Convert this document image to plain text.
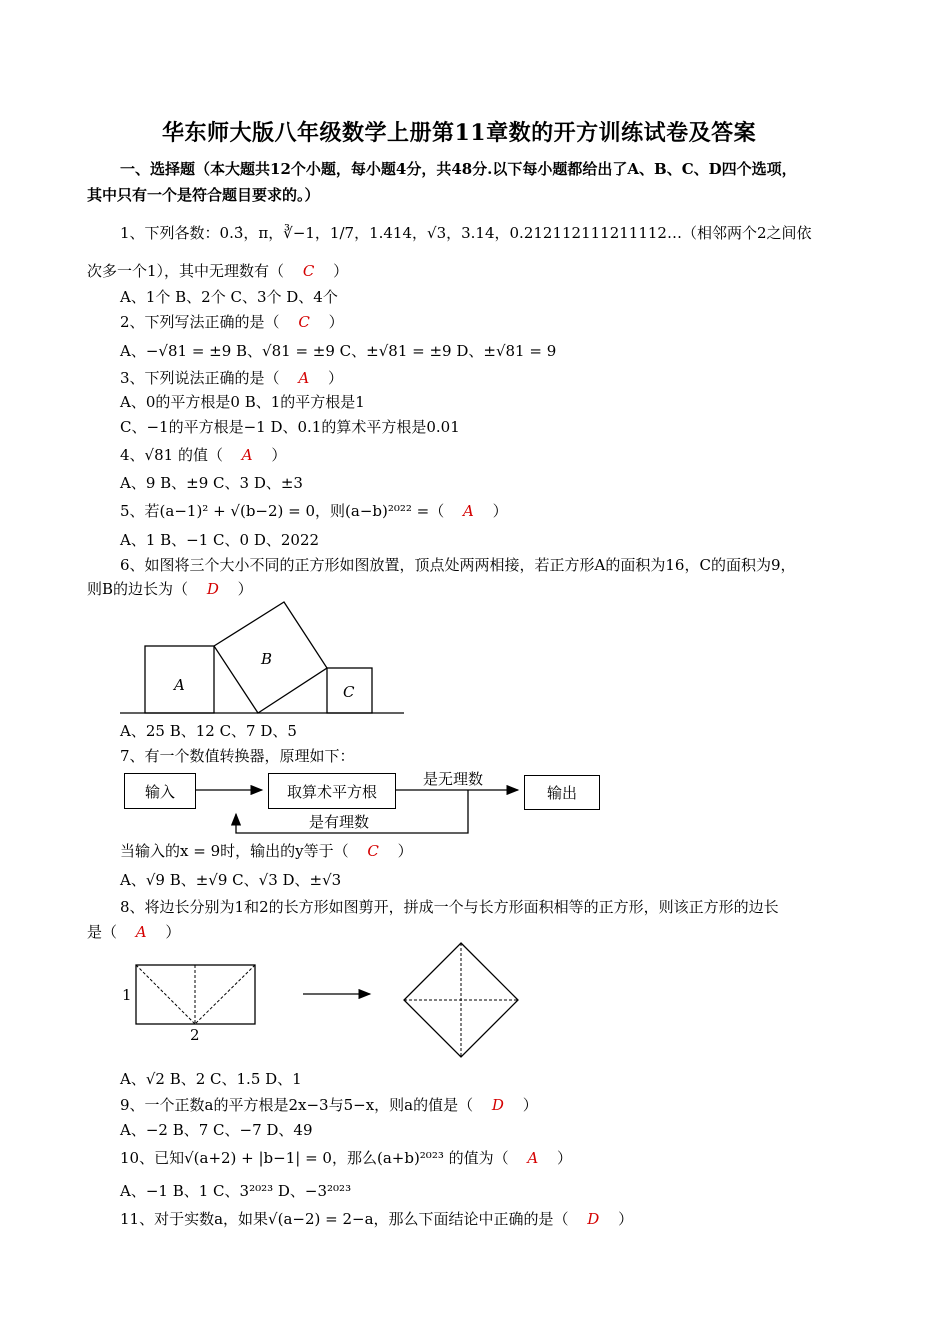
华东师大版八年级数学上册第11章数的开方训练试卷及答案
一、选择题（本大题共12个小题，每小题4分，共48分.以下每小题都给出了A、B、C、D四个选项，
其中只有一个是符合题目要求的。）
1、下列各数：0.3̇，π，∛−1，1/7，1.414，√3，3.14，0.212112111211112…（相邻两个2之间依
次多一个1），其中无理数有（ C ）
A、1个 B、2个 C、3个 D、4个
2、下列写法正确的是（ C ）
A、−√81 = ±9 B、√81 = ±9 C、±√81 = ±9 D、±√81 = 9
3、下列说法正确的是（ A ）
A、0的平方根是0 B、1的平方根是1
C、−1的平方根是−1 D、0.1的算术平方根是0.01
4、√81 的值（ A ）
A、9 B、±9 C、3 D、±3
5、若(a−1)² + √(b−2) = 0，则(a−b)²⁰²² =（ A ）
A、1 B、−1 C、0 D、2022
6、如图将三个大小不同的正方形如图放置，顶点处两两相接，若正方形A的面积为16，C的面积为9，
则B的边长为（ D ）
A
B
C
A、25 B、12 C、7 D、5
7、有一个数值转换器，原理如下：
输入	取算术平方根	输出
是无理数
是有理数
当输入的x = 9时，输出的y等于（ C ）
A、√9 B、±√9 C、√3 D、±√3
8、将边长分别为1和2的长方形如图剪开，拼成一个与长方形面积相等的正方形，则该正方形的边长
是（ A ）
1
2
A、√2 B、2 C、1.5 D、1
9、一个正数a的平方根是2x−3与5−x，则a的值是（ D ）
A、−2 B、7 C、−7 D、49
10、已知√(a+2) + |b−1| = 0，那么(a+b)²⁰²³ 的值为（ A ）
A、−1 B、1 C、3²⁰²³ D、−3²⁰²³
11、对于实数a，如果√(a−2) = 2−a，那么下面结论中正确的是（ D ）
